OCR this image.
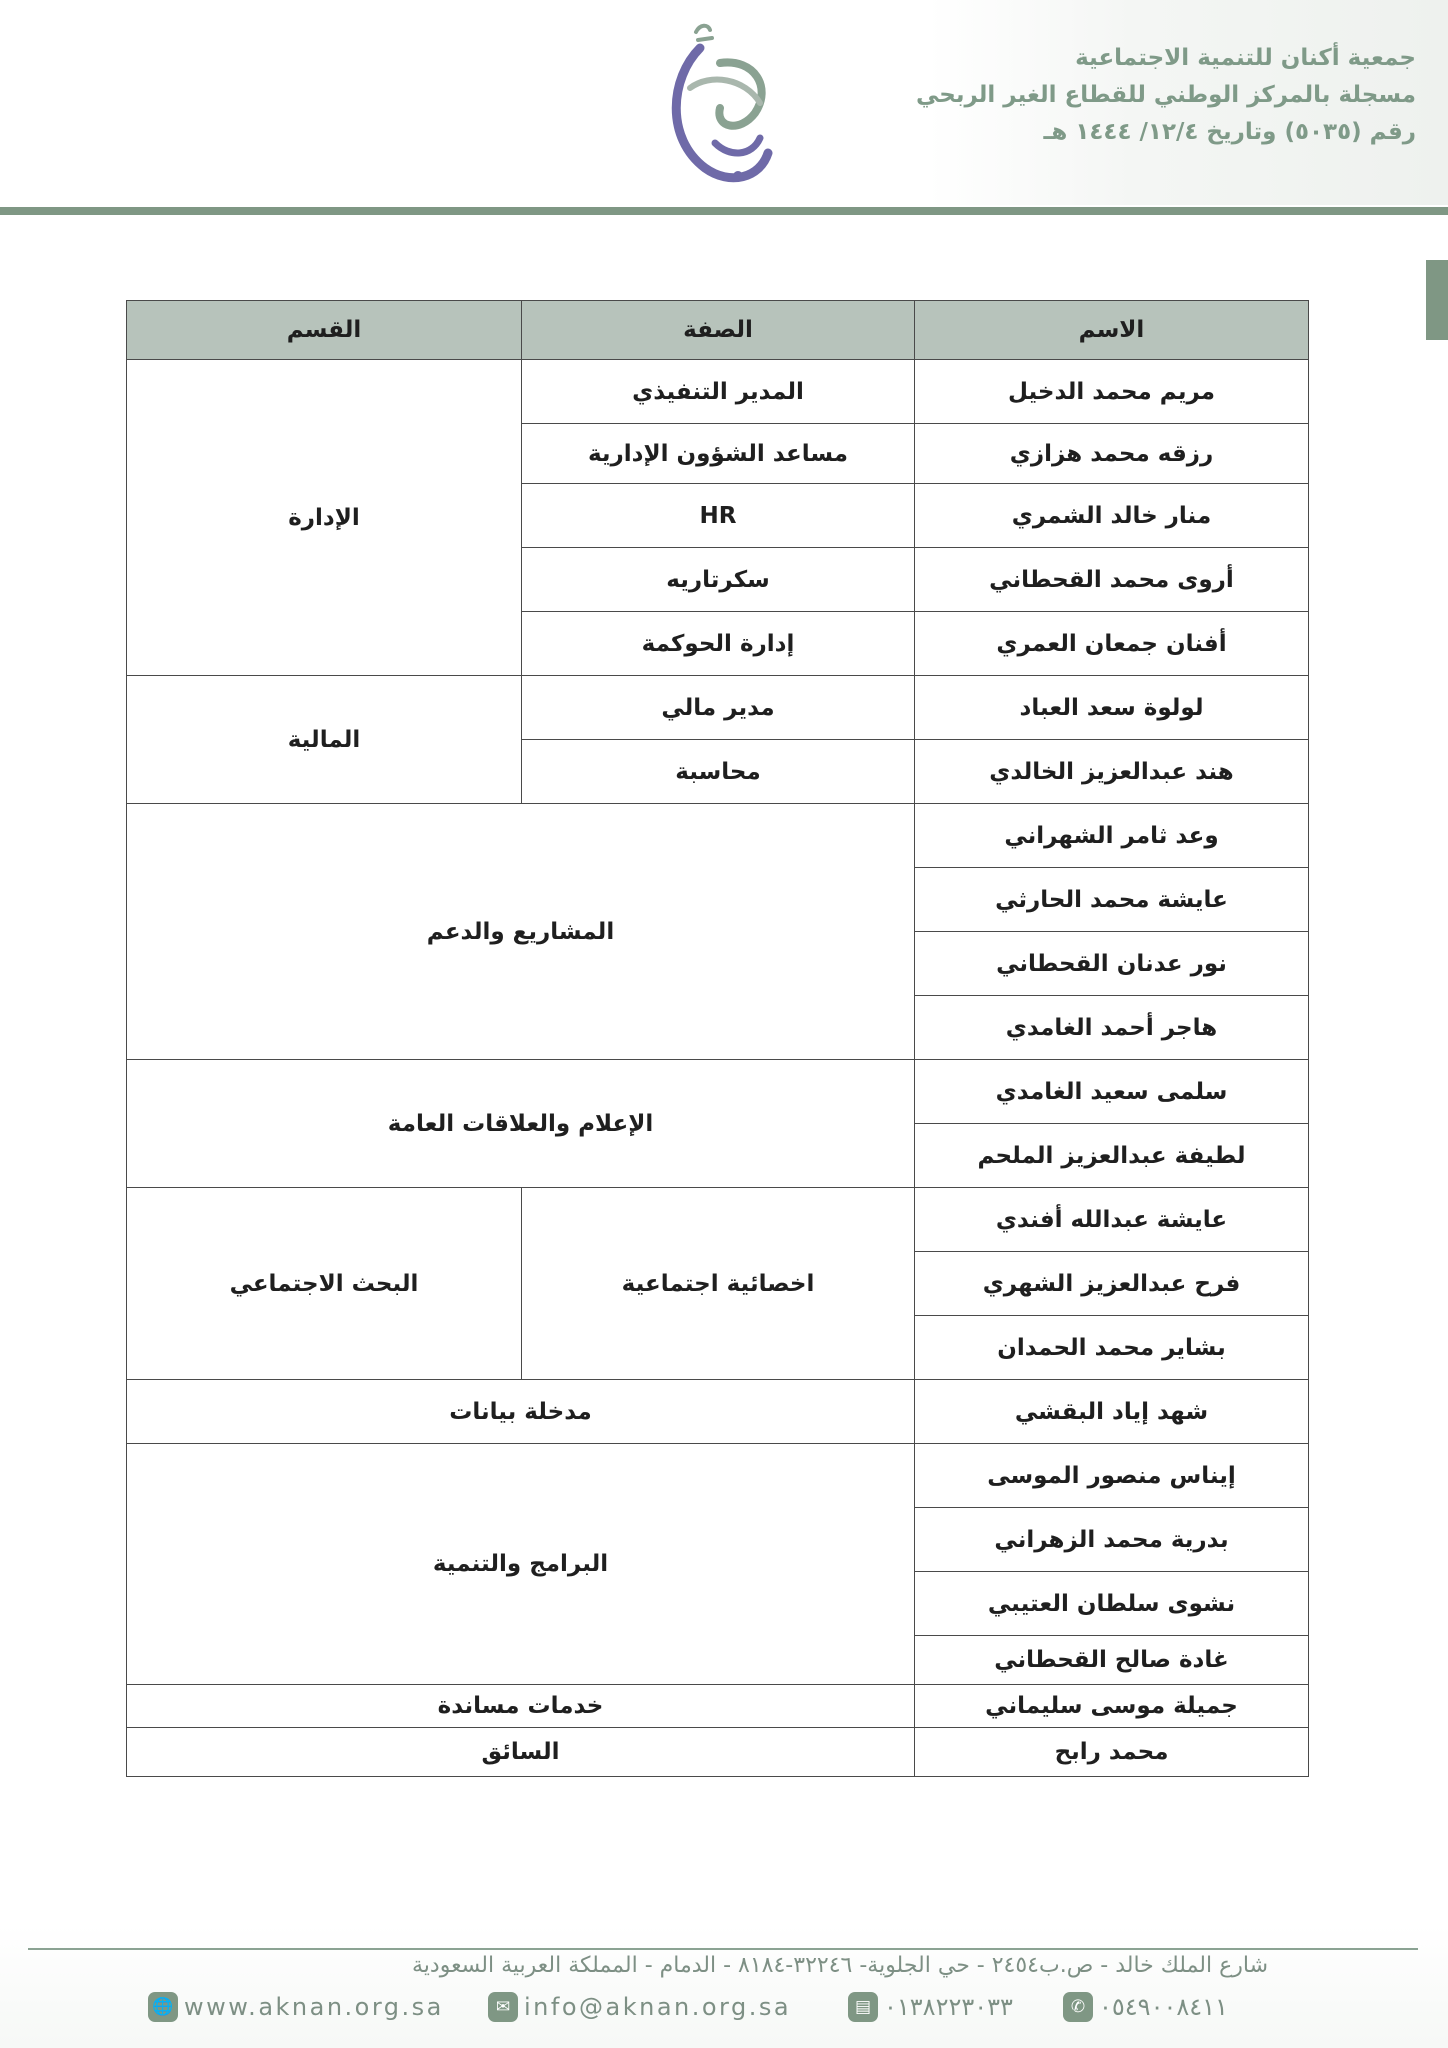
جمعية أكنان للتنمية الاجتماعية
مسجلة بالمركز الوطني للقطاع الغير الربحي
رقم (٥٠٣٥) وتاريخ ١٢/٤/ ١٤٤٤ هـ
الاسم	الصفة	القسم
مريم محمد الدخيل	المدير التنفيذي	الإدارة
رزقه محمد هزازي	مساعد الشؤون الإدارية	
منار خالد الشمري	HR	
أروى محمد القحطاني	سكرتاريه	
أفنان جمعان العمري	إدارة الحوكمة	
لولوة سعد العباد	مدير مالي	المالية
هند عبدالعزيز الخالدي	محاسبة	
وعد ثامر الشهراني	المشاريع والدعم	
عايشة محمد الحارثي		
نور عدنان القحطاني		
هاجر أحمد الغامدي		
سلمى سعيد الغامدي	الإعلام والعلاقات العامة	
لطيفة عبدالعزيز الملحم		
عايشة عبدالله أفندي	اخصائية اجتماعية	البحث الاجتماعي
فرح عبدالعزيز الشهري		
بشاير محمد الحمدان		
شهد إياد البقشي	مدخلة بيانات	
إيناس منصور الموسى	البرامج والتنمية	
بدرية محمد الزهراني		
نشوى سلطان العتيبي		
غادة صالح القحطاني		
جميلة موسى سليماني	خدمات مساندة	
محمد رابح	السائق	
شارع الملك خالد - ص.ب٢٤٥٤ - حي الجلوية- ٣٢٢٤٦-٨١٨٤ - الدمام - المملكة العربية السعودية
🌐 www.aknan.org.sa	✉ info@aknan.org.sa	▤ ٠١٣٨٢٢٣٠٣٣	✆ ٠٥٤٩٠٠٨٤١١
